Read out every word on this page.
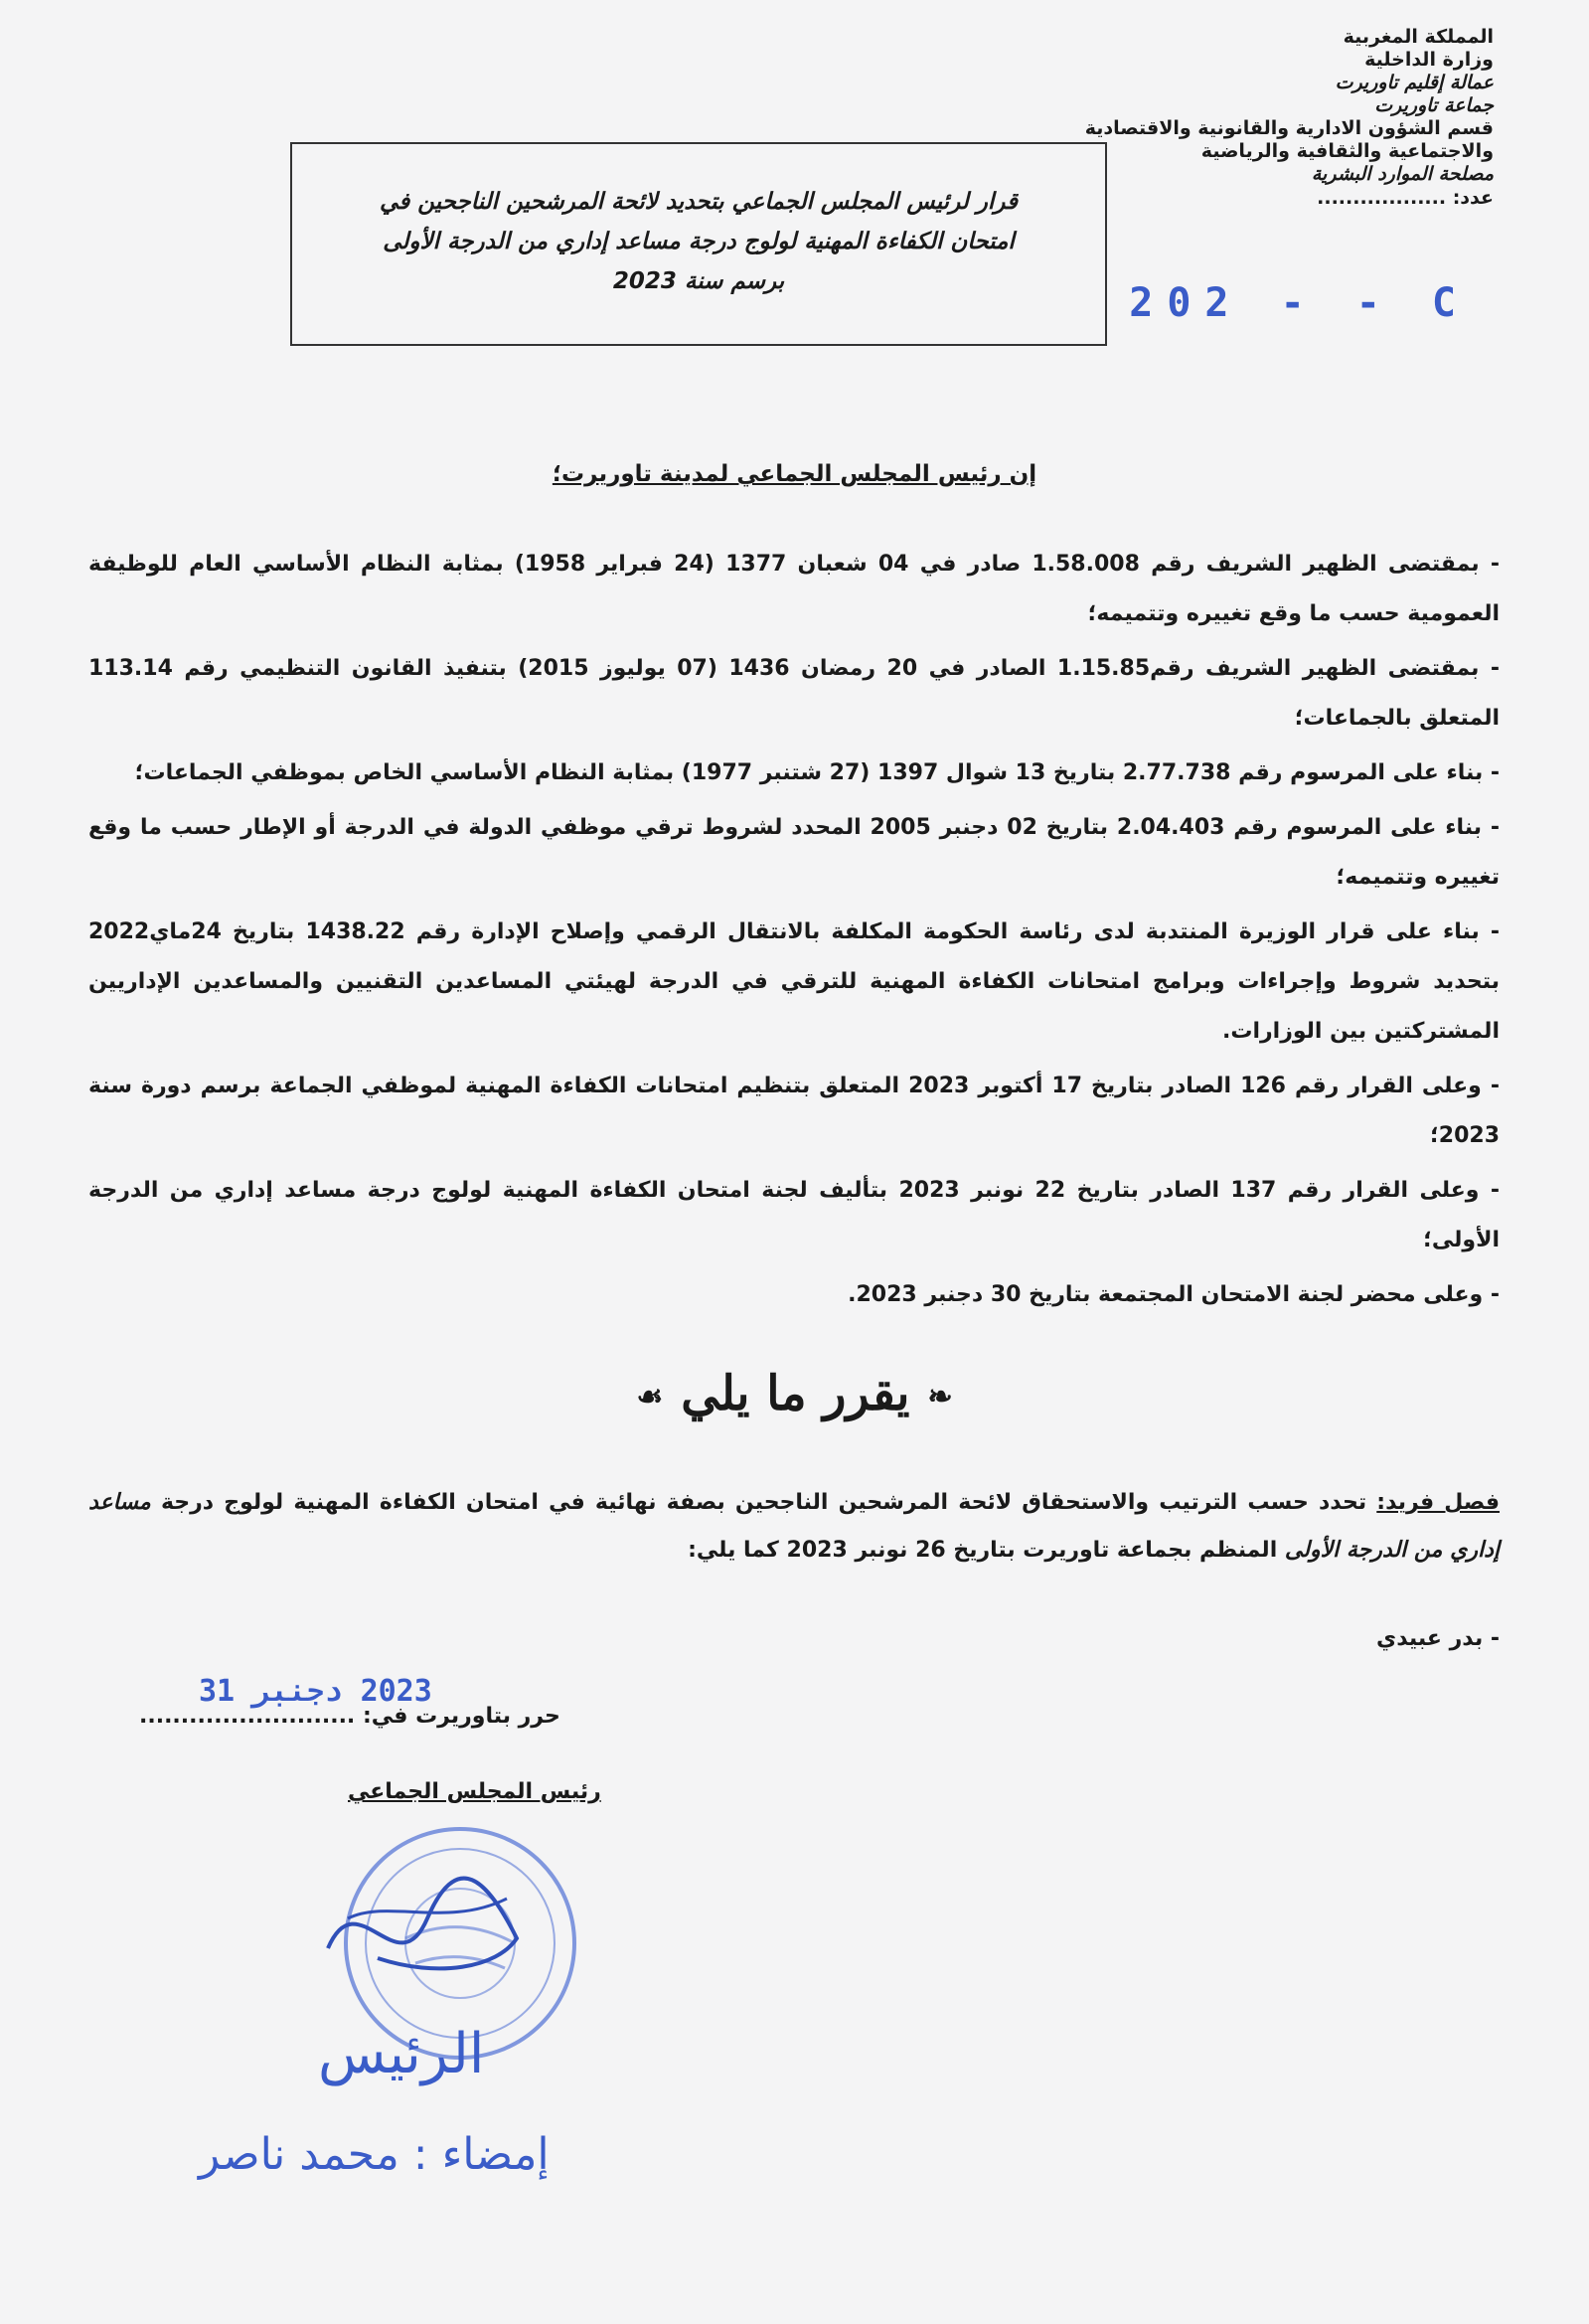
المملكة المغربية
وزارة الداخلية
عمالة إقليم تاوريرت
جماعة تاوريرت
قسم الشؤون الادارية والقانونية والاقتصادية
والاجتماعية والثقافية والرياضية
مصلحة الموارد البشرية
عدد: ..................
202 - - C
قرار لرئيس المجلس الجماعي بتحديد لائحة المرشحين الناجحين في
امتحان الكفاءة المهنية لولوج درجة مساعد إداري من الدرجة الأولى
برسم سنة 2023
إن رئيس المجلس الجماعي لمدينة تاوريرت؛

- بمقتضى الظهير الشريف رقم 1.58.008 صادر في 04 شعبان 1377 (24 فبراير 1958) بمثابة النظام الأساسي العام للوظيفة العمومية حسب ما وقع تغييره وتتميمه؛

- بمقتضى الظهير الشريف رقم1.15.85 الصادر في 20 رمضان 1436 (07 يوليوز 2015) بتنفيذ القانون التنظيمي رقم 113.14 المتعلق بالجماعات؛

- بناء على المرسوم رقم 2.77.738 بتاريخ 13 شوال 1397 (27 شتنبر 1977) بمثابة النظام الأساسي الخاص بموظفي الجماعات؛

- بناء على المرسوم رقم 2.04.403 بتاريخ 02 دجنبر 2005 المحدد لشروط ترقي موظفي الدولة في الدرجة أو الإطار حسب ما وقع تغييره وتتميمه؛

- بناء على قرار الوزيرة المنتدبة لدى رئاسة الحكومة المكلفة بالانتقال الرقمي وإصلاح الإدارة رقم 1438.22 بتاريخ 24ماي2022 بتحديد شروط وإجراءات وبرامج امتحانات الكفاءة المهنية للترقي في الدرجة لهيئتي المساعدين التقنيين والمساعدين الإداريين المشتركتين بين الوزارات.

- وعلى القرار رقم 126 الصادر بتاريخ 17 أكتوبر 2023 المتعلق بتنظيم امتحانات الكفاءة المهنية لموظفي الجماعة برسم دورة سنة 2023؛

- وعلى القرار رقم 137 الصادر بتاريخ 22 نونبر 2023 بتأليف لجنة امتحان الكفاءة المهنية لولوج درجة مساعد إداري من الدرجة الأولى؛

- وعلى محضر لجنة الامتحان المجتمعة بتاريخ 30 دجنبر 2023.

❧يقرر ما يلي☙

فصل فريد: تحدد حسب الترتيب والاستحقاق لائحة المرشحين الناجحين بصفة نهائية في امتحان الكفاءة المهنية لولوج درجة مساعد إداري من الدرجة الأولى المنظم بجماعة تاوريرت بتاريخ 26 نونبر 2023 كما يلي:

- بدر عبيدي
2023 دجنبر 31
حرر بتاوريرت في: ..........................
رئيس المجلس الجماعي
الرئيس
إمضاء : محمد ناصر
